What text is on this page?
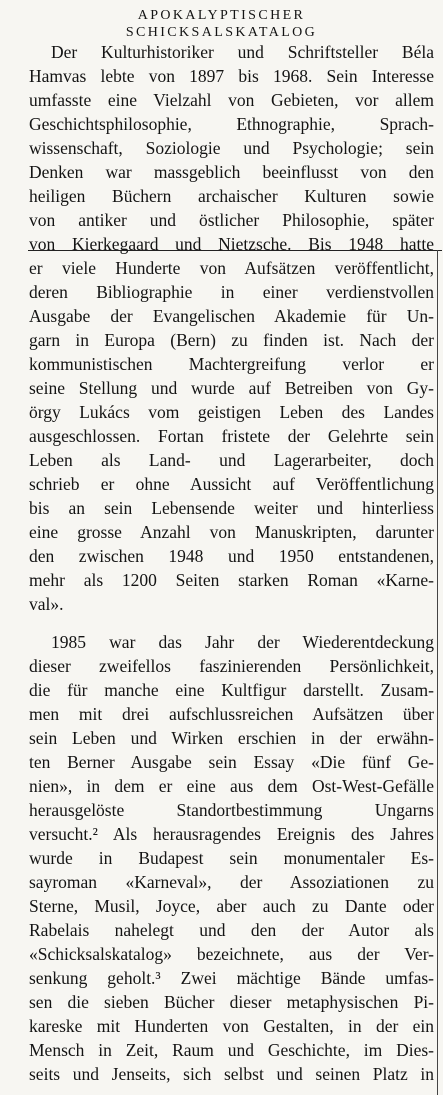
APOKALYPTISCHER
SCHICKSALSKATALOG
Der Kulturhistoriker und Schriftsteller Béla
Hamvas lebte von 1897 bis 1968. Sein Interesse
umfasste eine Vielzahl von Gebieten, vor allem
Geschichtsphilosophie, Ethnographie, Sprach-
wissenschaft, Soziologie und Psychologie; sein
Denken war massgeblich beeinflusst von den
heiligen Büchern archaischer Kulturen sowie
von antiker und östlicher Philosophie, später
von Kierkegaard und Nietzsche. Bis 1948 hatte
er viele Hunderte von Aufsätzen veröffentlicht,
deren Bibliographie in einer verdienstvollen
Ausgabe der Evangelischen Akademie für Un-
garn in Europa (Bern) zu finden ist. Nach der
kommunistischen Machtergreifung verlor er
seine Stellung und wurde auf Betreiben von Gy-
örgy Lukács vom geistigen Leben des Landes
ausgeschlossen. Fortan fristete der Gelehrte sein
Leben als Land- und Lagerarbeiter, doch
schrieb er ohne Aussicht auf Veröffentlichung
bis an sein Lebensende weiter und hinterliess
eine grosse Anzahl von Manuskripten, darunter
den zwischen 1948 und 1950 entstandenen,
mehr als 1200 Seiten starken Roman «Karne-
val».
1985 war das Jahr der Wiederentdeckung
dieser zweifellos faszinierenden Persönlichkeit,
die für manche eine Kultfigur darstellt. Zusam-
men mit drei aufschlussreichen Aufsätzen über
sein Leben und Wirken erschien in der erwähn-
ten Berner Ausgabe sein Essay «Die fünf Ge-
nien», in dem er eine aus dem Ost-West-Gefälle
herausgelöste Standortbestimmung Ungarns
versucht.² Als herausragendes Ereignis des Jahres
wurde in Budapest sein monumentaler Es-
sayroman «Karneval», der Assoziationen zu
Sterne, Musil, Joyce, aber auch zu Dante oder
Rabelais nahelegt und den der Autor als
«Schicksalskatalog» bezeichnete, aus der Ver-
senkung geholt.³ Zwei mächtige Bände umfas-
sen die sieben Bücher dieser metaphysischen Pi-
kareske mit Hunderten von Gestalten, in der ein
Mensch in Zeit, Raum und Geschichte, im Dies-
seits und Jenseits, sich selbst und seinen Platz in
